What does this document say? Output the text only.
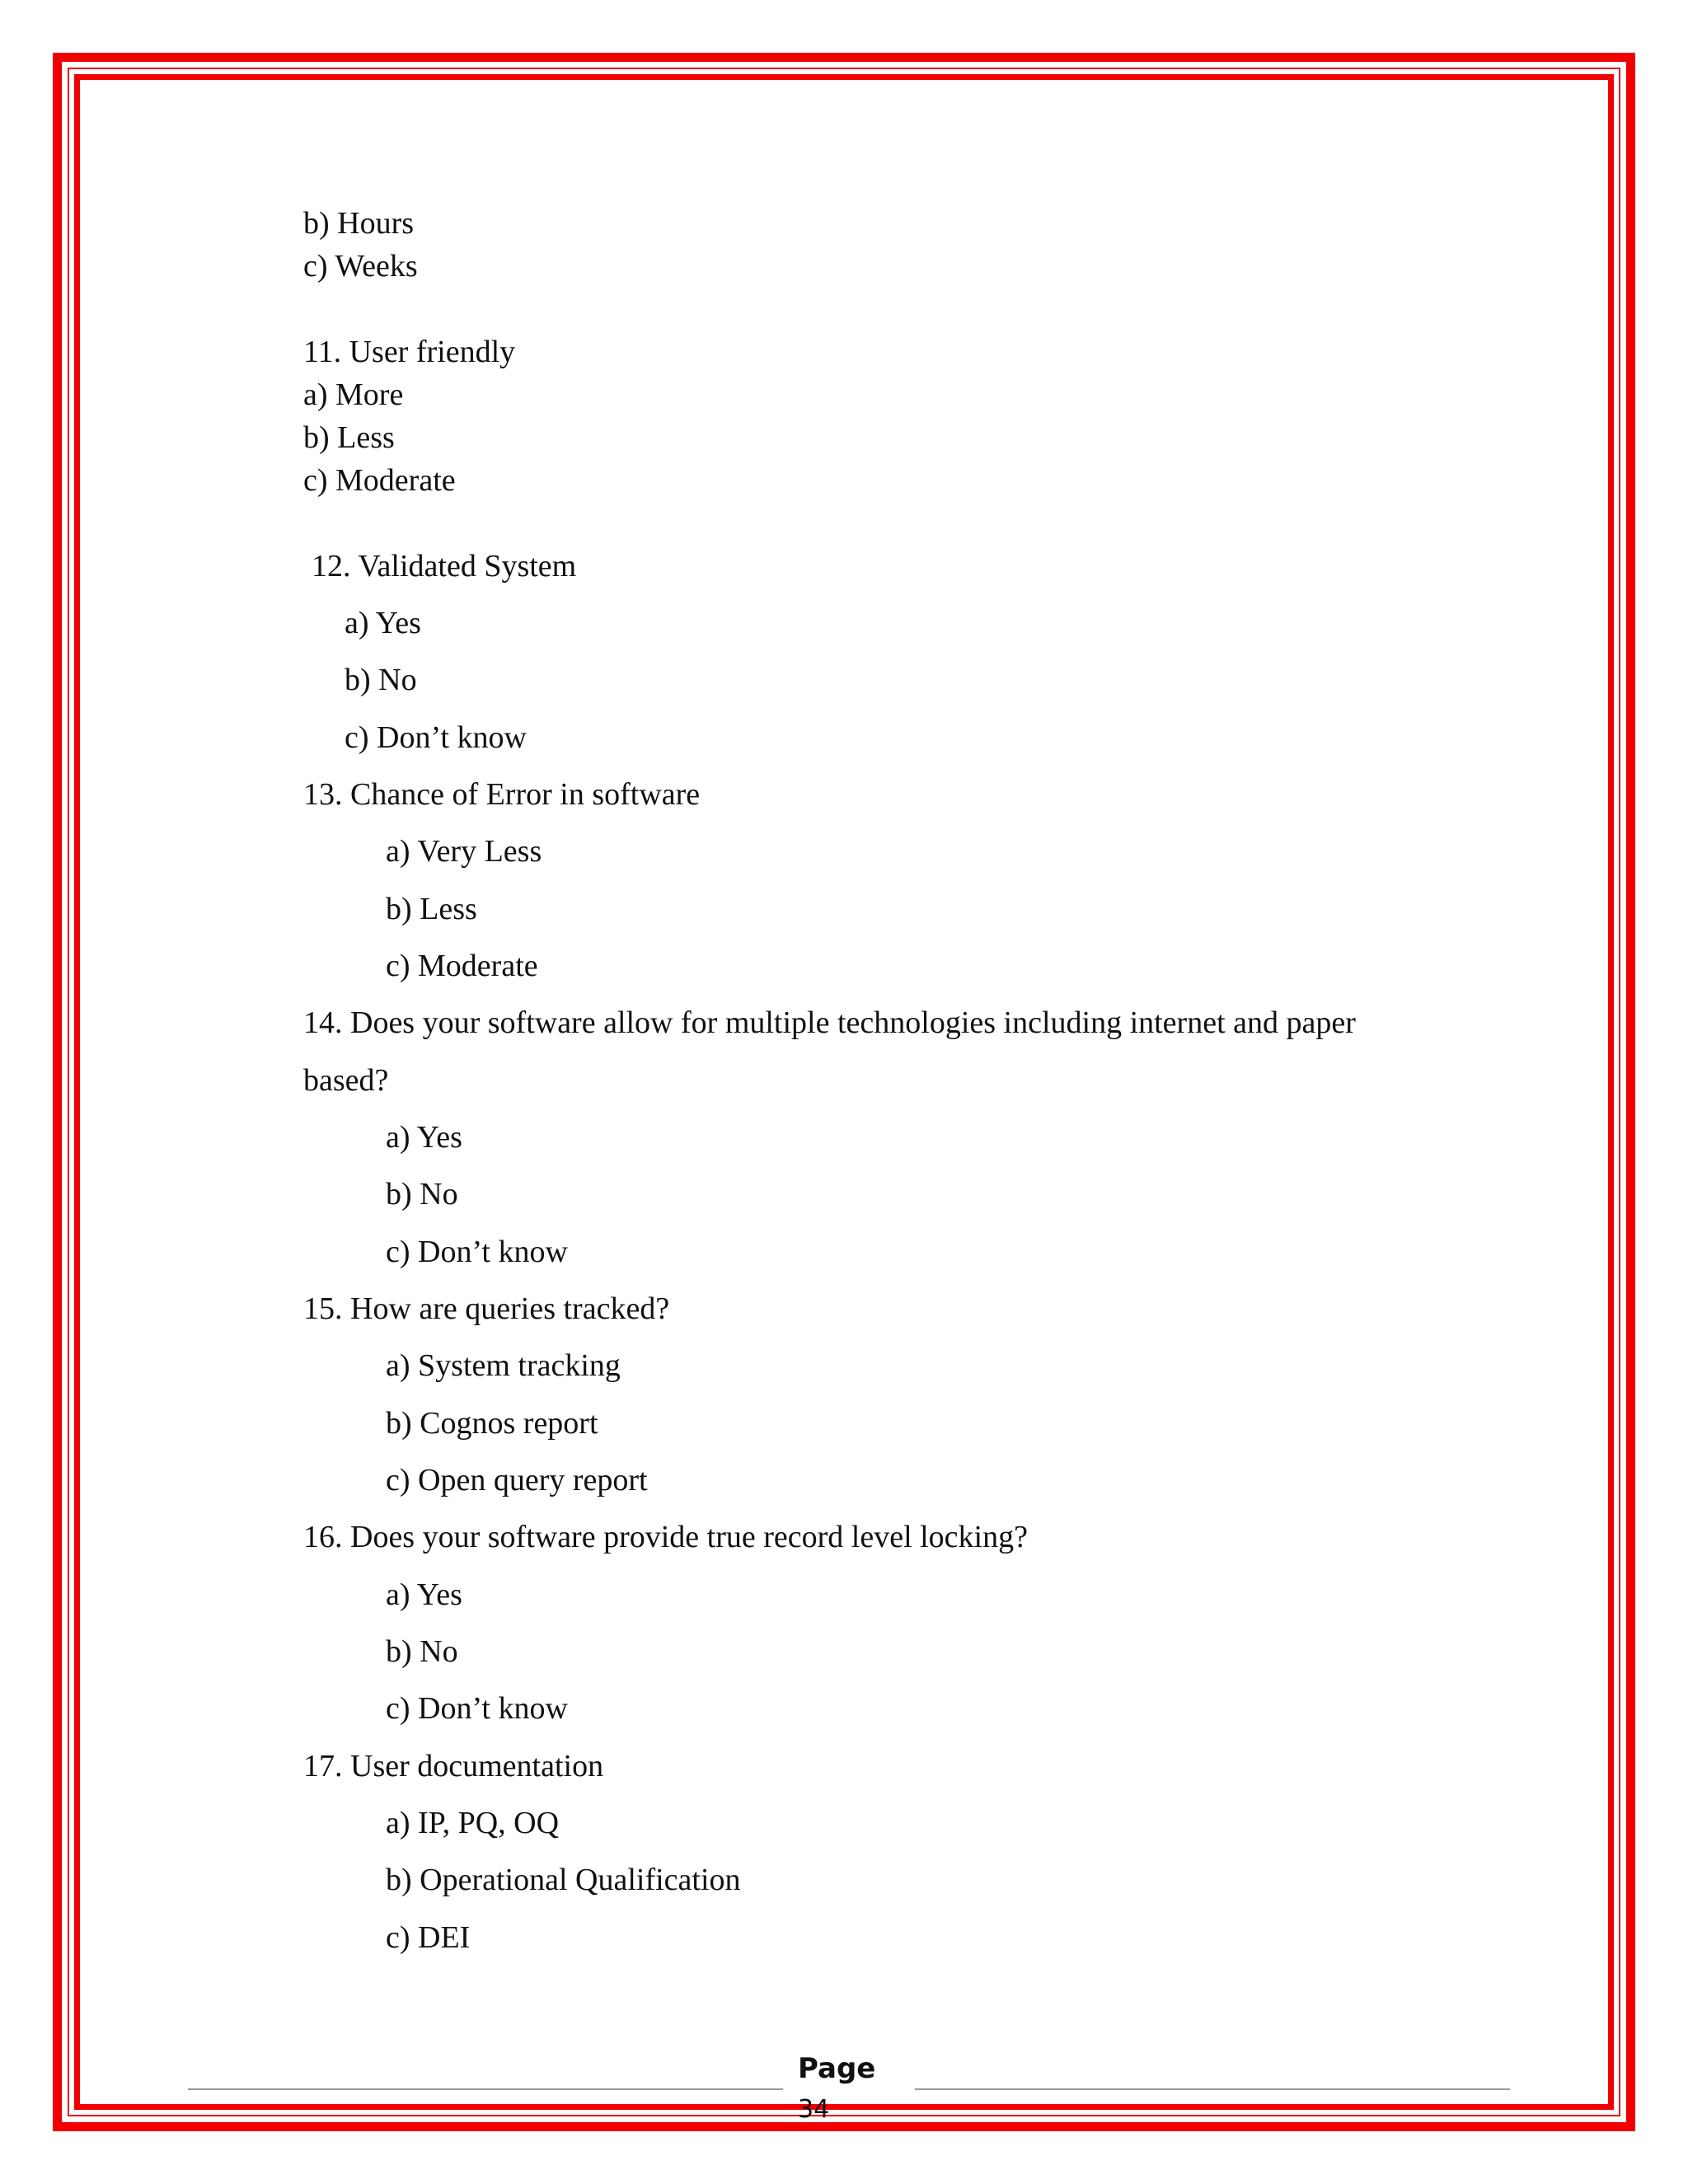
b) Hours
c) Weeks
11. User friendly
a) More
b) Less
c) Moderate
12. Validated System
a) Yes
b) No
c) Don’t know
13. Chance of Error in software
a) Very Less
b) Less
c) Moderate
14. Does your software allow for multiple technologies including internet and paper
based?
a) Yes
b) No
c) Don’t know
15. How are queries tracked?
a) System tracking
b) Cognos report
c) Open query report
16. Does your software provide true record level locking?
a) Yes
b) No
c) Don’t know
17. User documentation
a) IP, PQ, OQ
b) Operational Qualification
c) DEI
Page
34
